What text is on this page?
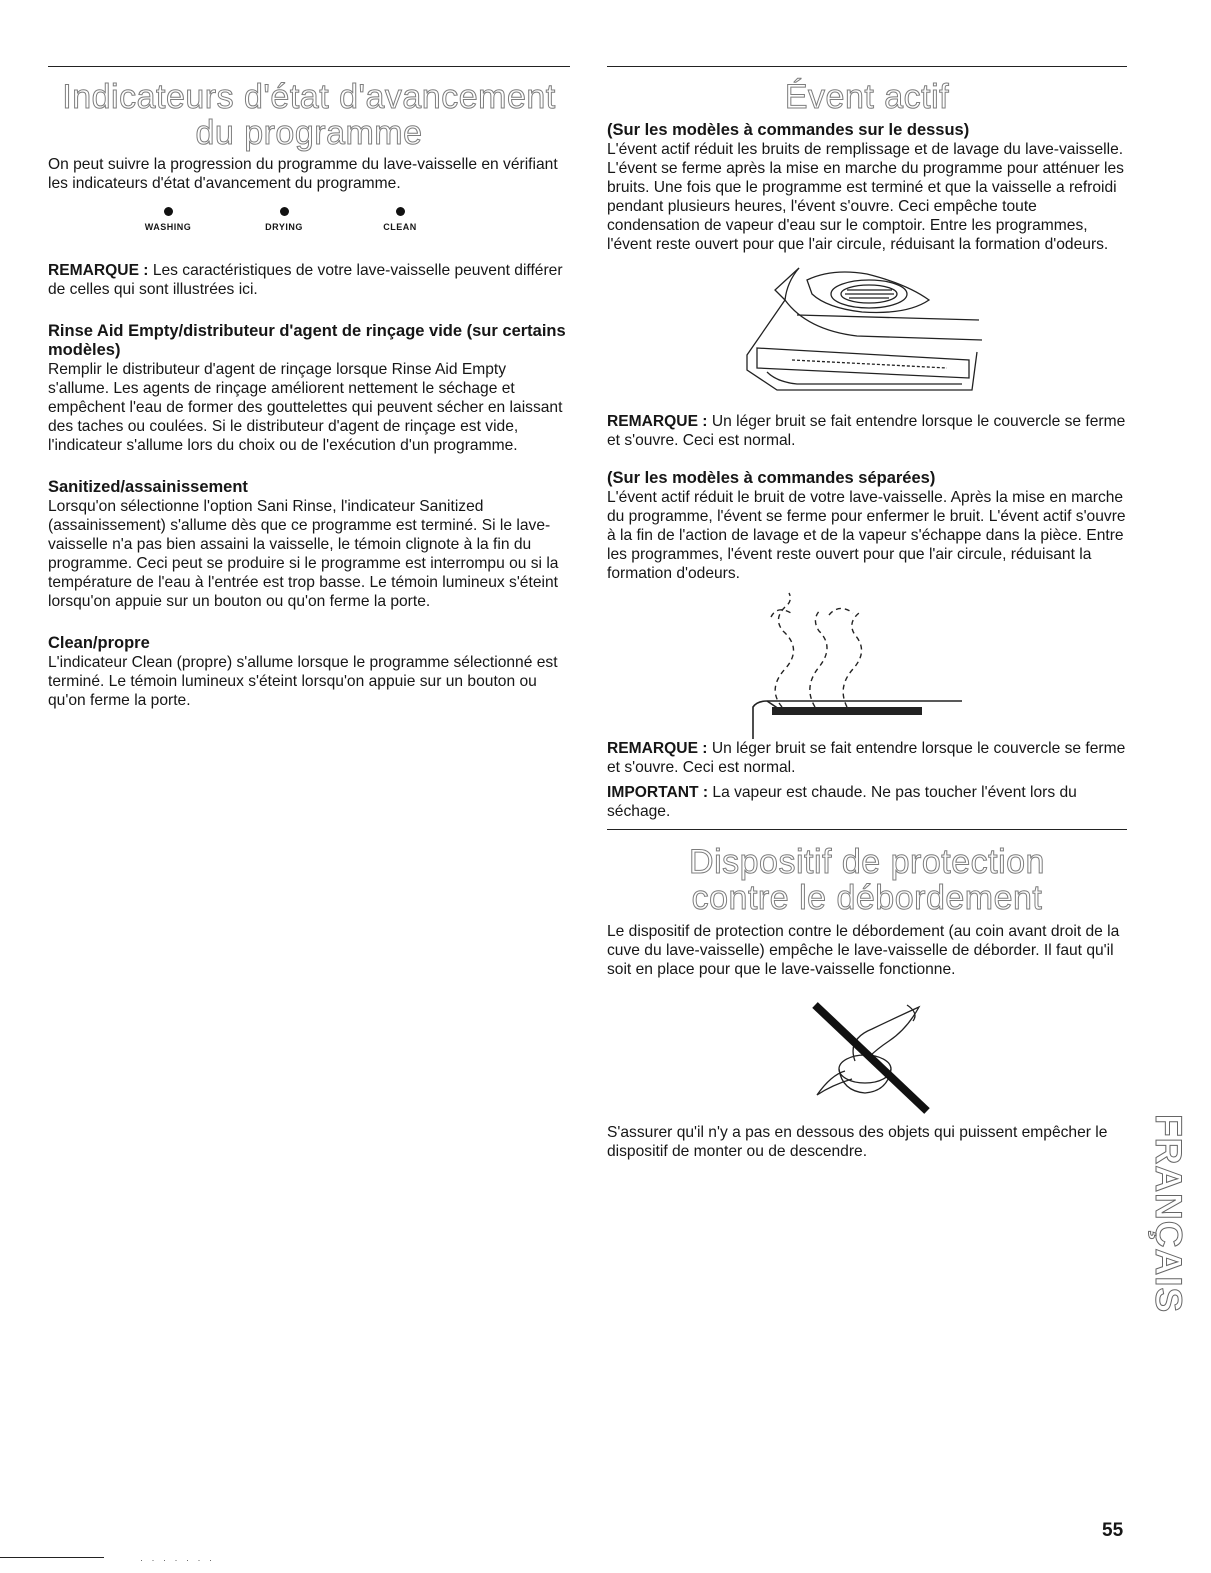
Indicateurs d'état d'avancement
du programme

On peut suivre la progression du programme du lave-vaisselle en vérifiant les indicateurs d'état d'avancement du programme.

WASHING	DRYING	CLEAN

REMARQUE : Les caractéristiques de votre lave-vaisselle peuvent différer de celles qui sont illustrées ici.

Rinse Aid Empty/distributeur d'agent de rinçage vide (sur certains modèles)

Remplir le distributeur d'agent de rinçage lorsque Rinse Aid Empty s'allume. Les agents de rinçage améliorent nettement le séchage et empêchent l'eau de former des gouttelettes qui peuvent sécher en laissant des taches ou coulées. Si le distributeur d'agent de rinçage est vide, l'indicateur s'allume lors du choix ou de l'exécution d'un programme.

Sanitized/assainissement

Lorsqu'on sélectionne l'option Sani Rinse, l'indicateur Sanitized (assainissement) s'allume dès que ce programme est terminé. Si le lave-vaisselle n'a pas bien assaini la vaisselle, le témoin clignote à la fin du programme. Ceci peut se produire si le programme est interrompu ou si la température de l'eau à l'entrée est trop basse. Le témoin lumineux s'éteint lorsqu'on appuie sur un bouton ou qu'on ferme la porte.

Clean/propre

L'indicateur Clean (propre) s'allume lorsque le programme sélectionné est terminé. Le témoin lumineux s'éteint lorsqu'on appuie sur un bouton ou qu'on ferme la porte.

Évent actif
(Sur les modèles à commandes sur le dessus)

L'évent actif réduit les bruits de remplissage et de lavage du lave-vaisselle. L'évent se ferme après la mise en marche du programme pour atténuer les bruits. Une fois que le programme est terminé et que la vaisselle a refroidi pendant plusieurs heures, l'évent s'ouvre. Ceci empêche toute condensation de vapeur d'eau sur le comptoir. Entre les programmes, l'évent reste ouvert pour que l'air circule, réduisant la formation d'odeurs.

REMARQUE : Un léger bruit se fait entendre lorsque le couvercle se ferme et s'ouvre. Ceci est normal.

(Sur les modèles à commandes séparées)

L'évent actif réduit le bruit de votre lave-vaisselle. Après la mise en marche du programme, l'évent se ferme pour enfermer le bruit. L'évent actif s'ouvre à la fin de l'action de lavage et de la vapeur s'échappe dans la pièce. Entre les programmes, l'évent reste ouvert pour que l'air circule, réduisant la formation d'odeurs.

REMARQUE : Un léger bruit se fait entendre lorsque le couvercle se ferme et s'ouvre. Ceci est normal.

IMPORTANT : La vapeur est chaude. Ne pas toucher l'évent lors du séchage.

Dispositif de protection
contre le débordement

Le dispositif de protection contre le débordement (au coin avant droit de la cuve du lave-vaisselle) empêche le lave-vaisselle de déborder. Il faut qu'il soit en place pour que le lave-vaisselle fonctionne.

S'assurer qu'il n'y a pas en dessous des objets qui puissent empêcher le dispositif de monter ou de descendre.	FRANÇAIS
55
· · · · · · ·
